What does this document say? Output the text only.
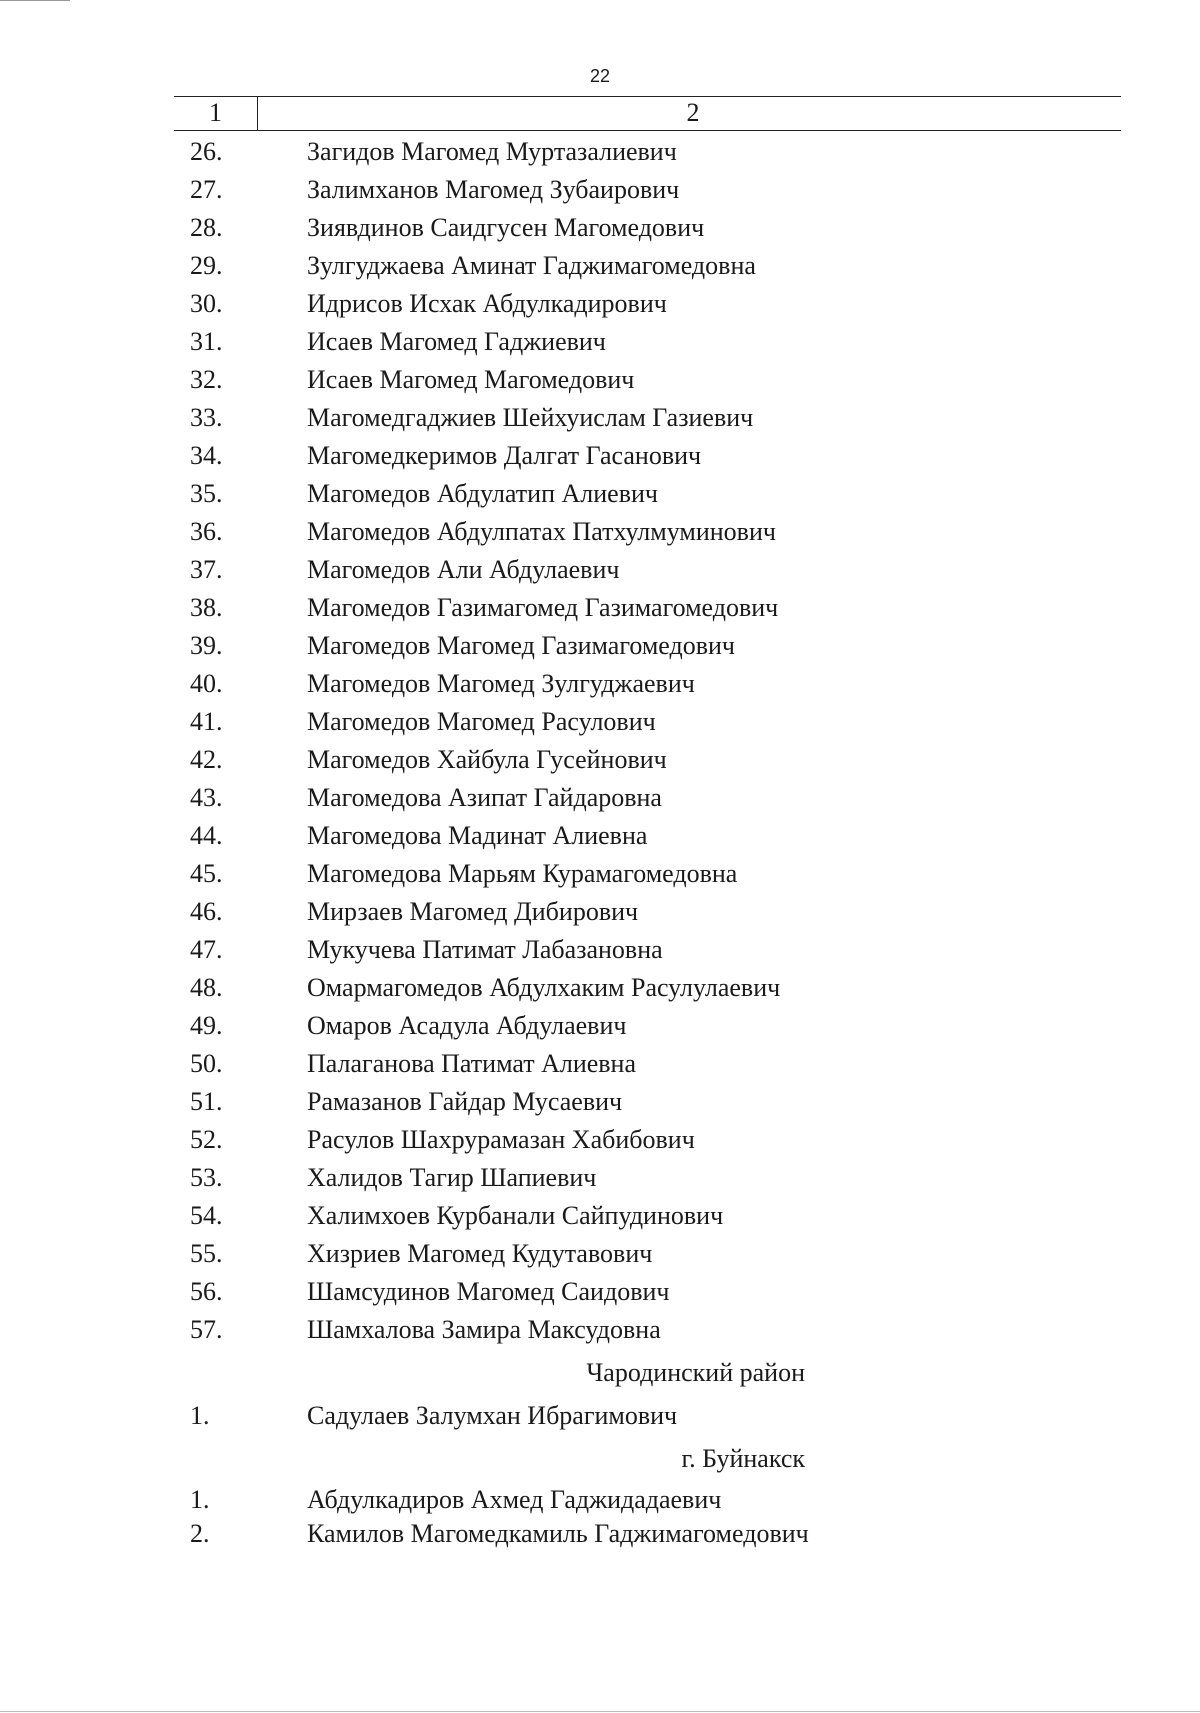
22
1	2
26.	Загидов Магомед Муртазалиевич
27.	Залимханов Магомед Зубаирович
28.	Зиявдинов Саидгусен Магомедович
29.	Зулгуджаева Аминат Гаджимагомедовна
30.	Идрисов Исхак Абдулкадирович
31.	Исаев Магомед Гаджиевич
32.	Исаев Магомед Магомедович
33.	Магомедгаджиев Шейхуислам Газиевич
34.	Магомедкеримов Далгат Гасанович
35.	Магомедов Абдулатип Алиевич
36.	Магомедов Абдулпатах Патхулмуминович
37.	Магомедов Али Абдулаевич
38.	Магомедов Газимагомед Газимагомедович
39.	Магомедов Магомед Газимагомедович
40.	Магомедов Магомед Зулгуджаевич
41.	Магомедов Магомед Расулович
42.	Магомедов Хайбула Гусейнович
43.	Магомедова Азипат Гайдаровна
44.	Магомедова Мадинат Алиевна
45.	Магомедова Марьям Курамагомедовна
46.	Мирзаев Магомед Дибирович
47.	Мукучева Патимат Лабазановна
48.	Омармагомедов Абдулхаким Расулулаевич
49.	Омаров Асадула Абдулаевич
50.	Палаганова Патимат Алиевна
51.	Рамазанов Гайдар Мусаевич
52.	Расулов Шахрурамазан Хабибович
53.	Халидов Тагир Шапиевич
54.	Халимхоев Курбанали Сайпудинович
55.	Хизриев Магомед Кудутавович
56.	Шамсудинов Магомед Саидович
57.	Шамхалова Замира Максудовна
Чародинский район
1.	Садулаев Залумхан Ибрагимович
г. Буйнакск
1.	Абдулкадиров Ахмед Гаджидадаевич
2.	Камилов Магомедкамиль Гаджимагомедович
